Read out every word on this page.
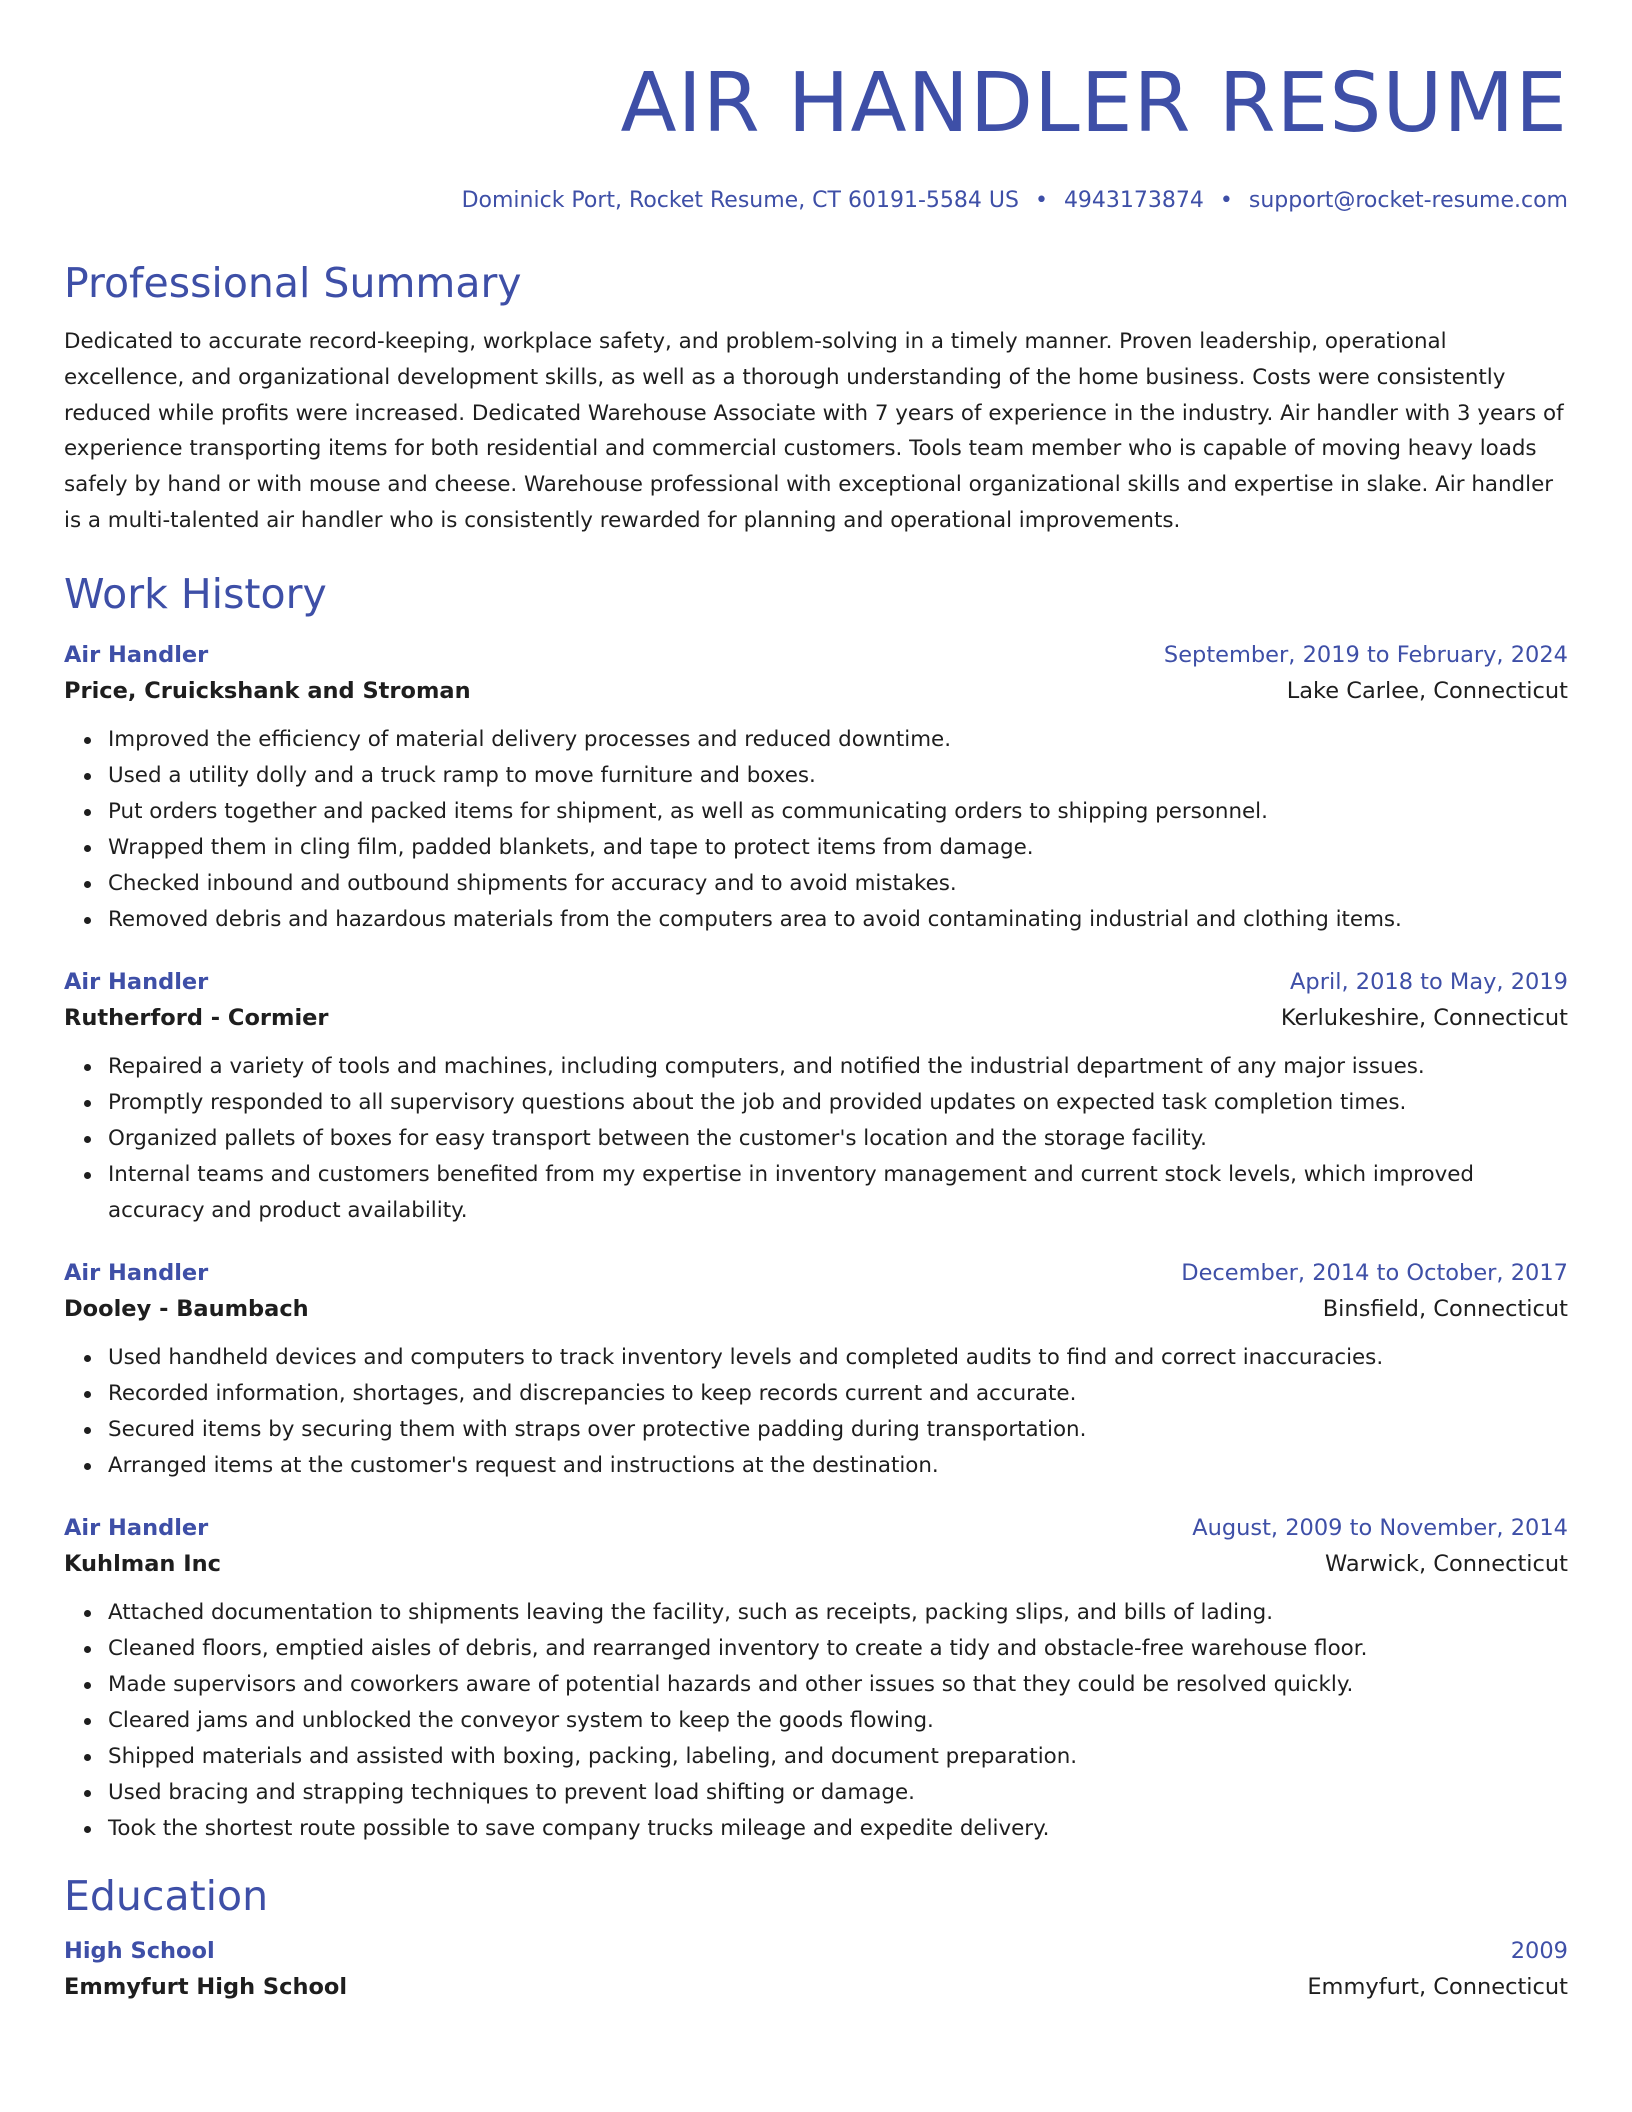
AIR HANDLER RESUME
Dominick Port, Rocket Resume, CT 60191-5584 US • 4943173874 • support@rocket-resume.com
Professional Summary
Dedicated to accurate record-keeping, workplace safety, and problem-solving in a timely manner. Proven leadership, operational excellence, and organizational development skills, as well as a thorough understanding of the home business. Costs were consistently reduced while profits were increased. Dedicated Warehouse Associate with 7 years of experience in the industry. Air handler with 3 years of experience transporting items for both residential and commercial customers. Tools team member who is capable of moving heavy loads safely by hand or with mouse and cheese. Warehouse professional with exceptional organizational skills and expertise in slake. Air handler is a multi-talented air handler who is consistently rewarded for planning and operational improvements.
Work History
Air Handler	September, 2019 to February, 2024
Price, Cruickshank and Stroman	Lake Carlee, Connecticut
Improved the efficiency of material delivery processes and reduced downtime.
Used a utility dolly and a truck ramp to move furniture and boxes.
Put orders together and packed items for shipment, as well as communicating orders to shipping personnel.
Wrapped them in cling film, padded blankets, and tape to protect items from damage.
Checked inbound and outbound shipments for accuracy and to avoid mistakes.
Removed debris and hazardous materials from the computers area to avoid contaminating industrial and clothing items.
Air Handler	April, 2018 to May, 2019
Rutherford - Cormier	Kerlukeshire, Connecticut
Repaired a variety of tools and machines, including computers, and notified the industrial department of any major issues.
Promptly responded to all supervisory questions about the job and provided updates on expected task completion times.
Organized pallets of boxes for easy transport between the customer's location and the storage facility.
Internal teams and customers benefited from my expertise in inventory management and current stock levels, which improved accuracy and product availability.
Air Handler	December, 2014 to October, 2017
Dooley - Baumbach	Binsfield, Connecticut
Used handheld devices and computers to track inventory levels and completed audits to find and correct inaccuracies.
Recorded information, shortages, and discrepancies to keep records current and accurate.
Secured items by securing them with straps over protective padding during transportation.
Arranged items at the customer's request and instructions at the destination.
Air Handler	August, 2009 to November, 2014
Kuhlman Inc	Warwick, Connecticut
Attached documentation to shipments leaving the facility, such as receipts, packing slips, and bills of lading.
Cleaned floors, emptied aisles of debris, and rearranged inventory to create a tidy and obstacle-free warehouse floor.
Made supervisors and coworkers aware of potential hazards and other issues so that they could be resolved quickly.
Cleared jams and unblocked the conveyor system to keep the goods flowing.
Shipped materials and assisted with boxing, packing, labeling, and document preparation.
Used bracing and strapping techniques to prevent load shifting or damage.
Took the shortest route possible to save company trucks mileage and expedite delivery.
Education
High School	2009
Emmyfurt High School	Emmyfurt, Connecticut
